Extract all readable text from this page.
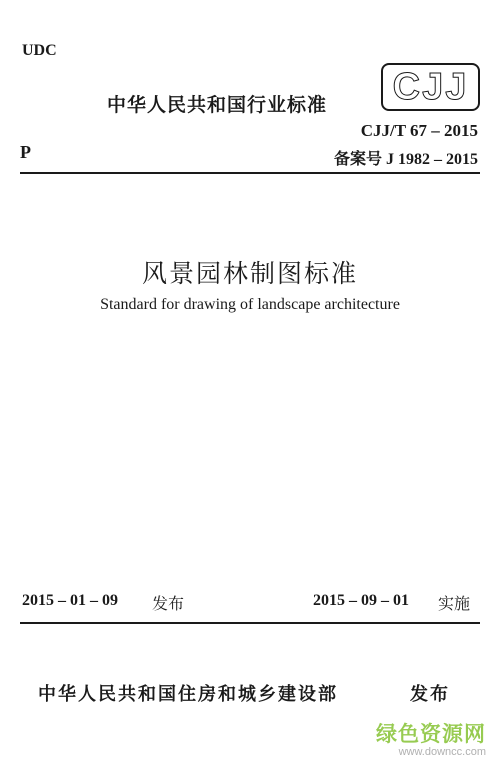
UDC
中华人民共和国行业标准	CJJ
CJJ/T 67 – 2015
P	备案号 J 1982 – 2015
风景园林制图标准
Standard for drawing of landscape architecture
2015 – 01 – 09 发布	2015 – 09 – 01 实施
中华人民共和国住房和城乡建设部	发布
绿色资源网
www.downcc.com
